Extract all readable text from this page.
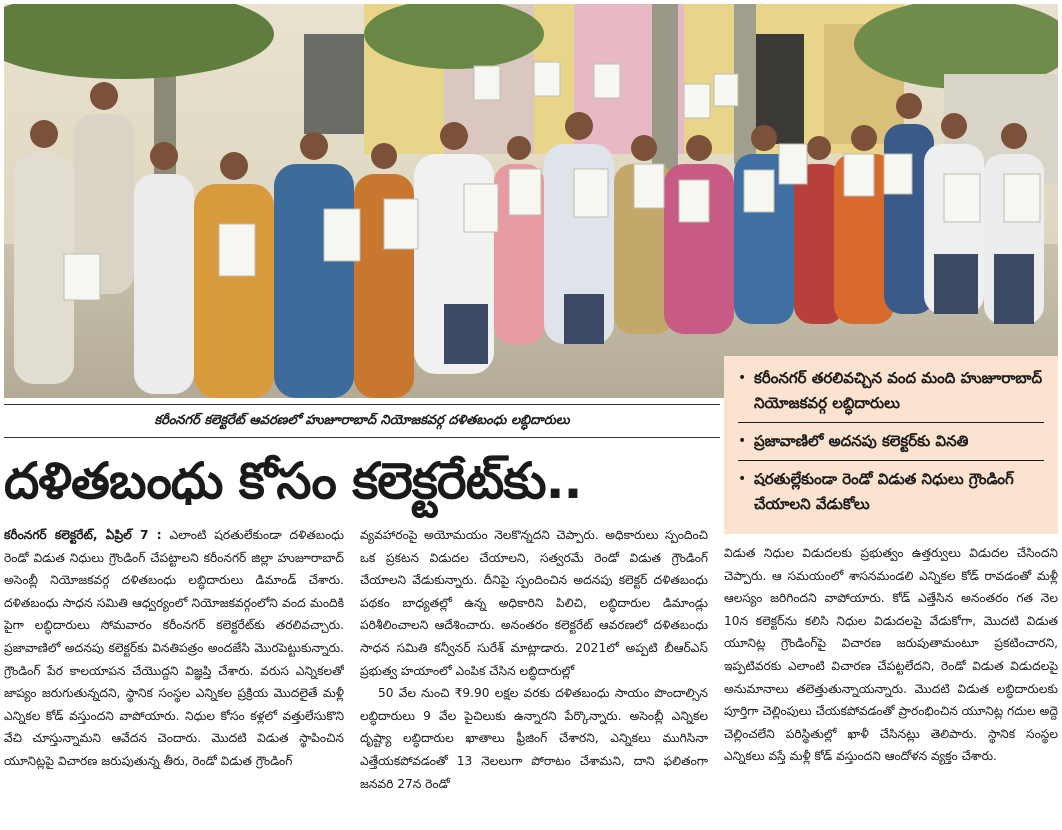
• కరీంనగర్ తరలివచ్చిన వంద మంది హుజూరాబాద్ నియోజకవర్గ లబ్ధిదారులు
• ప్రజావాణిలో అదనపు కలెక్టర్‌కు వినతి
• షరతుల్లేకుండా రెండో విడుత నిధులు గ్రౌండింగ్ చేయాలని వేడుకోలు
కరీంనగర్ కలెక్టరేట్ ఆవరణలో హుజూరాబాద్ నియోజకవర్గ దళితబంధు లబ్ధిదారులు
దళితబంధు కోసం కలెక్టరేట్‌కు..

కరీంనగర్ కలెక్టరేట్, ఏప్రిల్ 7 : ఎలాంటి షరతులేకుండా దళితబంధు రెండో విడుత నిధులు గ్రౌండింగ్ చేపట్టాలని కరీంనగర్ జిల్లా హుజూరాబాద్ అసెంబ్లీ నియోజకవర్గ దళితబంధు లబ్ధిదారులు డిమాండ్ చేశారు. దళితబంధు సాధన సమితి ఆధ్వర్యంలో నియోజకవర్గంలోని వంద మందికి పైగా లబ్ధిదారులు సోమవారం కరీంనగర్ కలెక్టరేట్‌కు తరలివచ్చారు. ప్రజావాణిలో అదనపు కలెక్టర్‌కు వినతిపత్రం అందజేసి మొరపెట్టుకున్నారు. గ్రౌండింగ్ పేర కాలయాపన చేయొద్దని విజ్ఞప్తి చేశారు. వరుస ఎన్నికలతో జాప్యం జరుగుతున్నదని, స్థానిక సంస్థల ఎన్నికల ప్రక్రియ మొదలైతే మళ్లీ ఎన్నికల కోడ్ వస్తుందని వాపోయారు. నిధుల కోసం కళ్లలో వత్తులేసుకొని వేచి చూస్తున్నామని ఆవేదన చెందారు. మొదటి విడుత స్థాపించిన యూనిట్లపై విచారణ జరుపుతున్న తీరు, రెండో విడుత గ్రౌండింగ్

వ్యవహారంపై అయోమయం నెలకొన్నదని చెప్పారు. అధికారులు స్పందించి ఒక ప్రకటన విడుదల చేయాలని, సత్వరమే రెండో విడుత గ్రౌండింగ్ చేయాలని వేడుకున్నారు. దీనిపై స్పందించిన అదనపు కలెక్టర్ దళితబంధు పథకం బాధ్యతల్లో ఉన్న అధికారిని పిలిచి, లబ్ధిదారుల డిమాండ్లు పరిశీలించాలని ఆదేశించారు. అనంతరం కలెక్టరేట్ ఆవరణలో దళితబంధు సాధన సమితి కన్వీనర్ సురేశ్ మాట్లాడారు. 2021లో అప్పటి బీఆర్ఎస్ ప్రభుత్వ హయాంలో ఎంపిక చేసిన లబ్ధిదారుల్లో

50 వేల నుంచి ₹9.90 లక్షల వరకు దళితబంధు సాయం పొందాల్సిన లబ్ధిదారులు 9 వేల పైచిలుకు ఉన్నారని పేర్కొన్నారు. అసెంబ్లీ ఎన్నికల దృష్ట్యా లబ్ధిదారుల ఖాతాలు ఫ్రీజింగ్ చేశారని, ఎన్నికలు ముగిసినా ఎత్తేయకపోవడంతో 13 నెలలుగా పోరాటం చేశామని, దాని ఫలితంగా జనవరి 27న రెండో

విడుత నిధుల విడుదలకు ప్రభుత్వం ఉత్తర్వులు విడుదల చేసిందని చెప్పారు. ఆ సమయంలో శాసనమండలి ఎన్నికల కోడ్ రావడంతో మళ్లీ ఆలస్యం జరిగిందని వాపోయారు. కోడ్ ఎత్తేసిన అనంతరం గత నెల 10న కలెక్టర్‌ను కలిసి నిధుల విడుదలపై వేడుకోగా, మొదటి విడుత యూనిట్ల గ్రౌండింగ్‌పై విచారణ జరుపుతామంటూ ప్రకటించారని, ఇప్పటివరకు ఎలాంటి విచారణ చేపట్టలేదని, రెండో విడుత విడుదలపై అనుమానాలు తలెత్తుతున్నాయన్నారు. మొదటి విడుత లబ్ధిదారులకు పూర్తిగా చెల్లింపులు చేయకపోవడంతో ప్రారంభించిన యూనిట్ల గదుల అద్దె చెల్లించలేని పరిస్థితుల్లో ఖాళీ చేసినట్లు తెలిపారు. స్థానిక సంస్థల ఎన్నికలు వస్తే మళ్లీ కోడ్ వస్తుందని ఆందోళన వ్యక్తం చేశారు.
